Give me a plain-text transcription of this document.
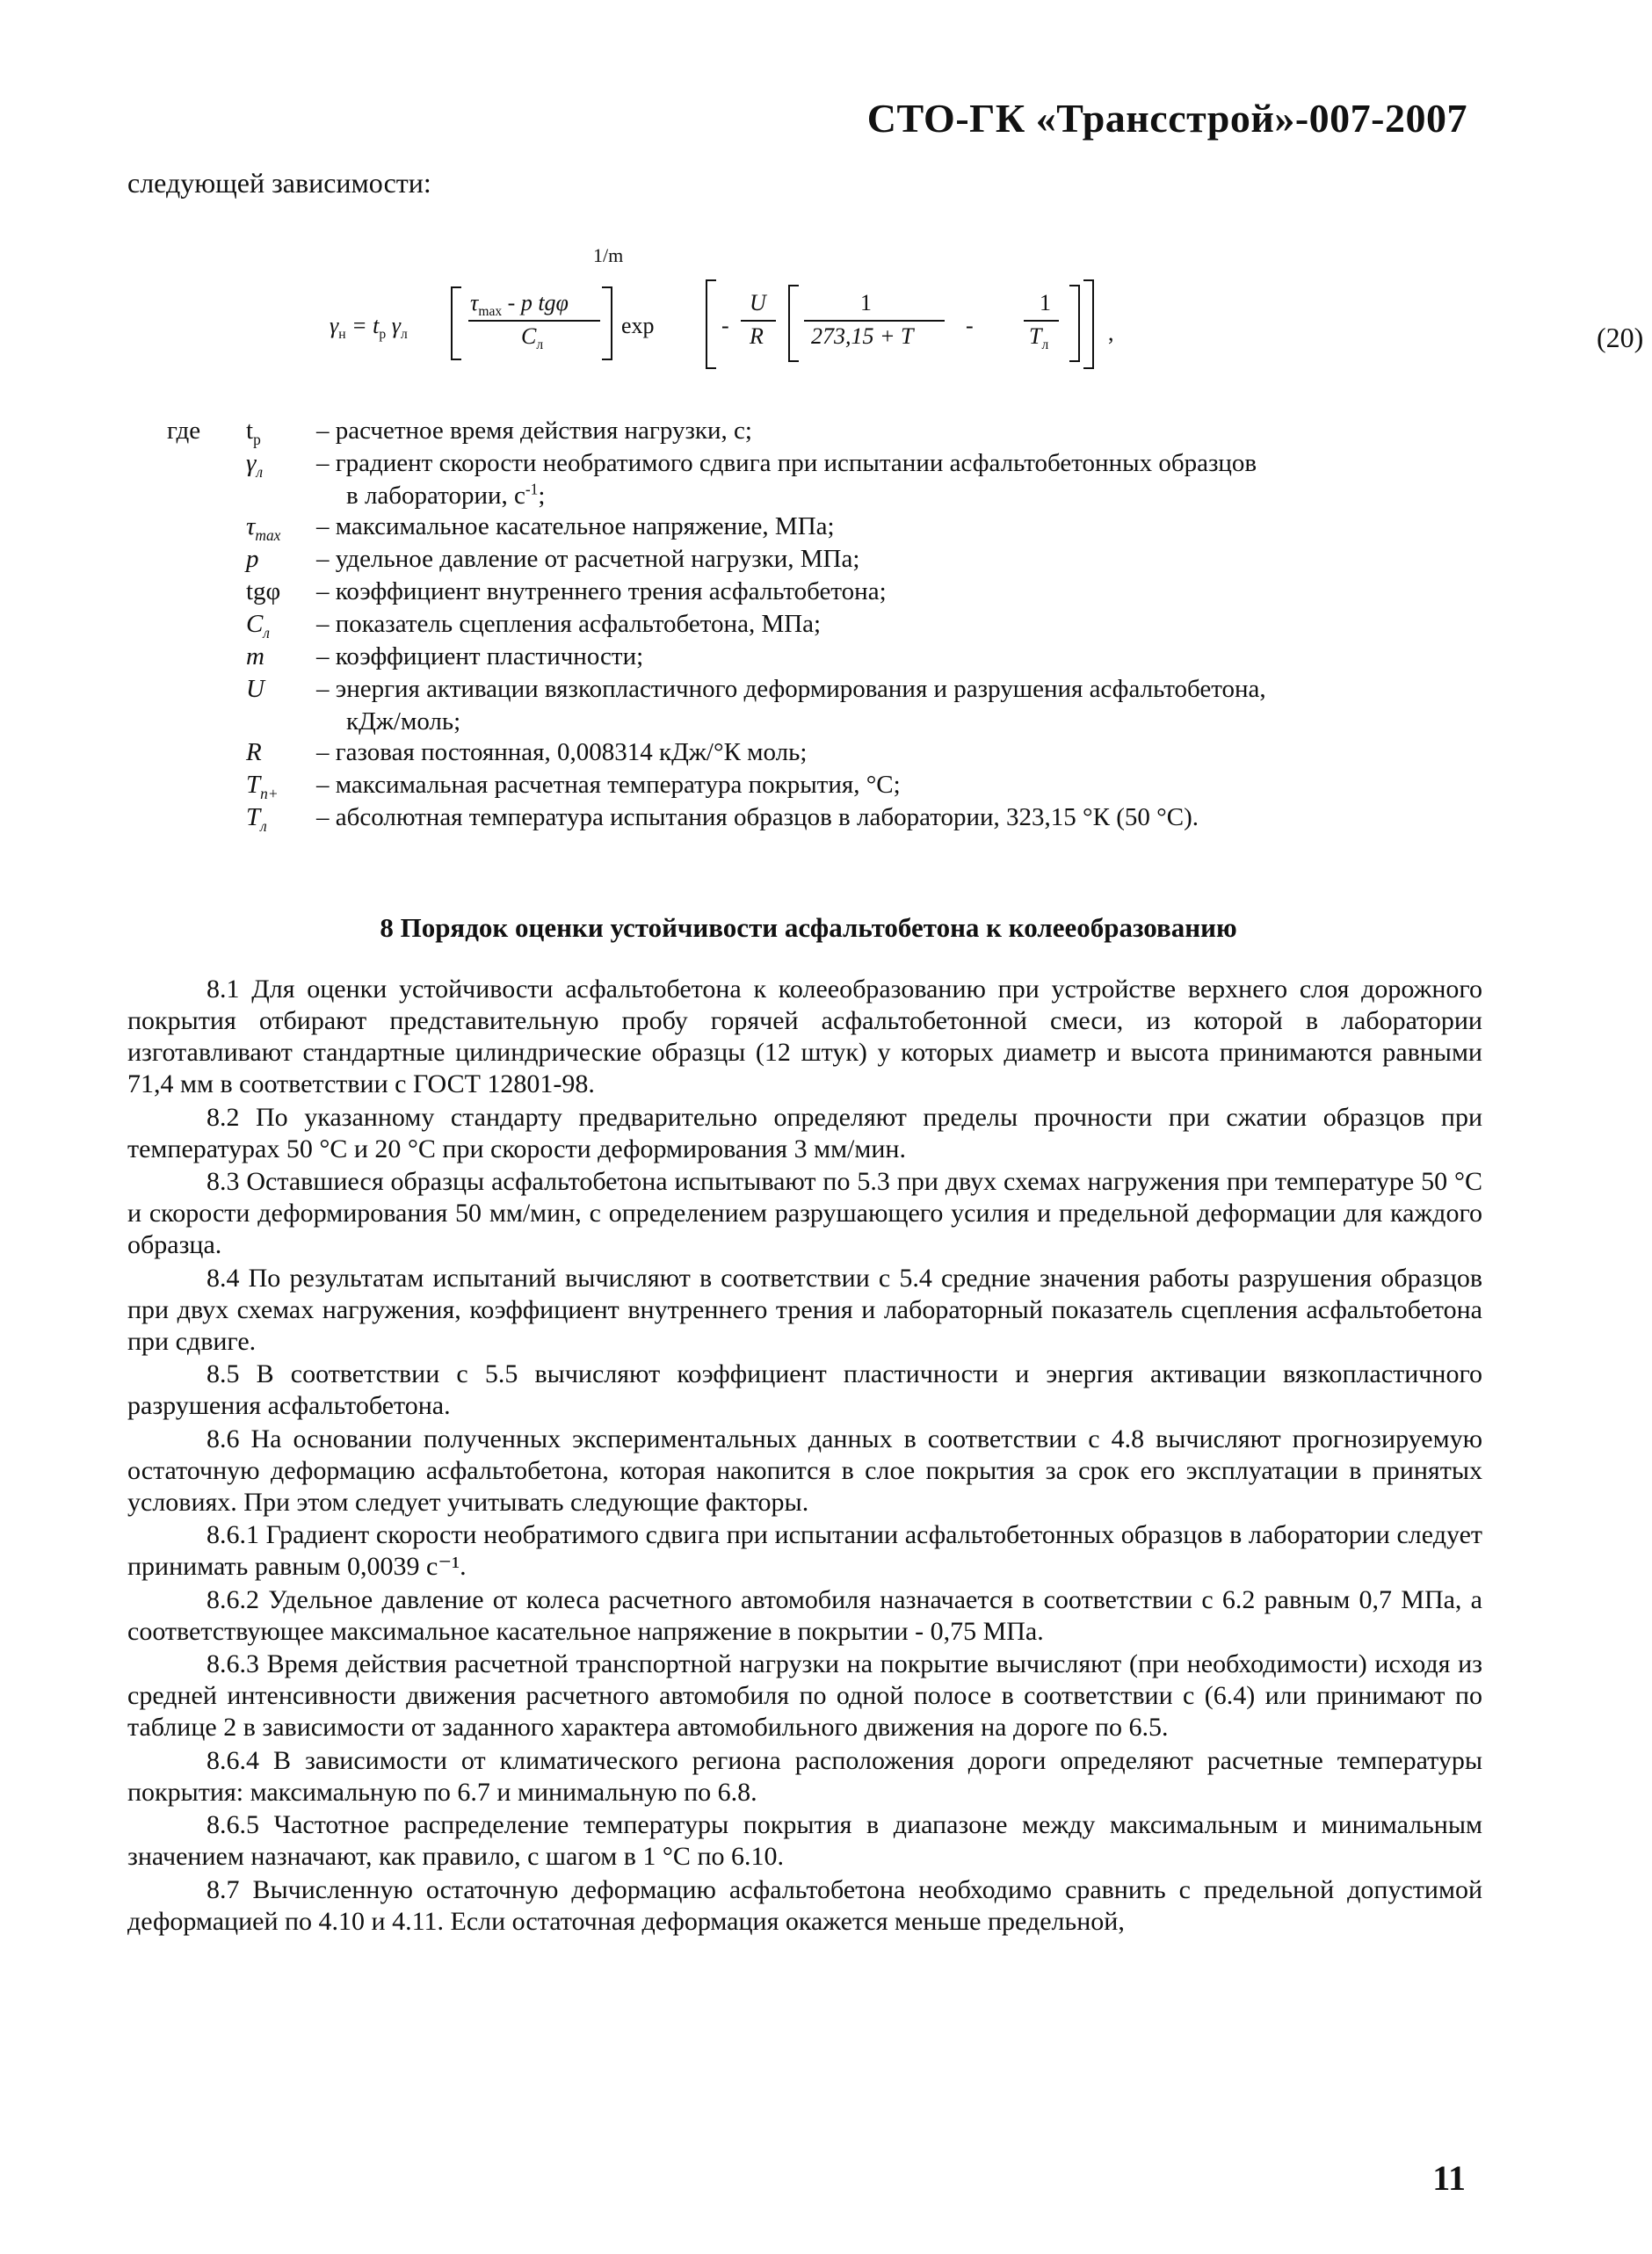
СТО-ГК «Трансстрой»-007-2007
следующей зависимости:
$\gamma_н = t_р$ $\gamma_л$
$\tau_{max}$ - p tgφ
$C_л$
1/m
exp	-
U
R
1
273,15 + T -
1
$T_л$	,	(20)
где $t_р$ – расчетное время действия нагрузки, с;
$\gamma_л$ – градиент скорости необратимого сдвига при испытании асфальтобетонных образцов
в лаборатории, $с^{-1}$;
$\tau_{max}$ – максимальное касательное напряжение, МПа;
p – удельное давление от расчетной нагрузки, МПа;
tgφ – коэффициент внутреннего трения асфальтобетона;
$C_л$ – показатель сцепления асфальтобетона, МПа;
m – коэффициент пластичности;
U – энергия активации вязкопластичного деформирования и разрушения асфальтобетона,
кДж/моль;
R – газовая постоянная, 0,008314 кДж/°К моль;
$T_{п+}$ – максимальная расчетная температура покрытия, °С;
$T_л$ – абсолютная температура испытания образцов в лаборатории, 323,15 °К (50 °С).
8 Порядок оценки устойчивости асфальтобетона к колееобразованию

8.1 Для оценки устойчивости асфальтобетона к колееобразованию при устройстве верхнего слоя дорожного покрытия отбирают представительную пробу горячей асфальтобетонной смеси, из которой в лаборатории изготавливают стандартные цилиндрические образцы (12 штук) у которых диаметр и высота принимаются равными 71,4 мм в соответствии с ГОСТ 12801-98.

8.2 По указанному стандарту предварительно определяют пределы прочности при сжатии образцов при температурах 50 °С и 20 °С при скорости деформирования 3 мм/мин.

8.3 Оставшиеся образцы асфальтобетона испытывают по 5.3 при двух схемах нагружения при температуре 50 °С и скорости деформирования 50 мм/мин, с определением разрушающего усилия и предельной деформации для каждого образца.

8.4 По результатам испытаний вычисляют в соответствии с 5.4 средние значения работы разрушения образцов при двух схемах нагружения, коэффициент внутреннего трения и лабораторный показатель сцепления асфальтобетона при сдвиге.

8.5 В соответствии с 5.5 вычисляют коэффициент пластичности и энергия активации вязкопластичного разрушения асфальтобетона.

8.6 На основании полученных экспериментальных данных в соответствии с 4.8 вычисляют прогнозируемую остаточную деформацию асфальтобетона, которая накопится в слое покрытия за срок его эксплуатации в принятых условиях. При этом следует учитывать следующие факторы.

8.6.1 Градиент скорости необратимого сдвига при испытании асфальтобетонных образцов в лаборатории следует принимать равным 0,0039 с⁻¹.

8.6.2 Удельное давление от колеса расчетного автомобиля назначается в соответствии с 6.2 равным 0,7 МПа, а соответствующее максимальное касательное напряжение в покрытии - 0,75 МПа.

8.6.3 Время действия расчетной транспортной нагрузки на покрытие вычисляют (при необходимости) исходя из средней интенсивности движения расчетного автомобиля по одной полосе в соответствии с (6.4) или принимают по таблице 2 в зависимости от заданного характера автомобильного движения на дороге по 6.5.

8.6.4 В зависимости от климатического региона расположения дороги определяют расчетные температуры покрытия: максимальную по 6.7 и минимальную по 6.8.

8.6.5 Частотное распределение температуры покрытия в диапазоне между максимальным и минимальным значением назначают, как правило, с шагом в 1 °С по 6.10.

8.7 Вычисленную остаточную деформацию асфальтобетона необходимо сравнить с предельной допустимой деформацией по 4.10 и 4.11. Если остаточная деформация окажется меньше предельной,

11
